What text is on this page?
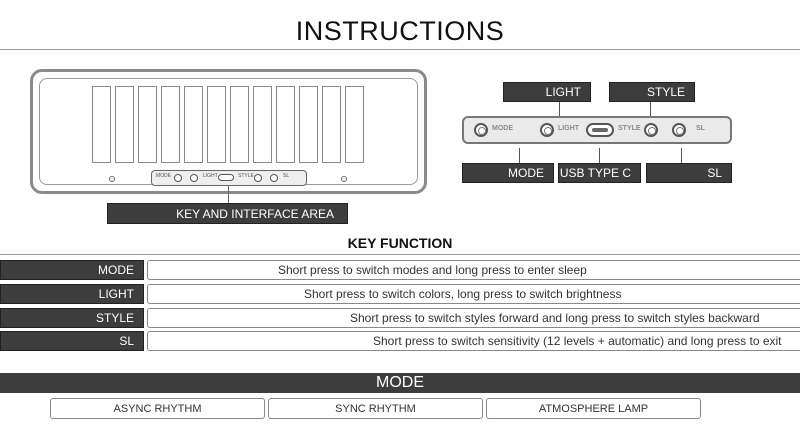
INSTRUCTIONS
MODE	LIGHT	STYLE	SL
KEY AND INTERFACE AREA
LIGHT	STYLE
MODE	LIGHT	STYLE	SL
MODE	USB TYPE C	SL
KEY FUNCTION
MODE	Short press to switch modes and long press to enter sleep
LIGHT	Short press to switch colors, long press to switch brightness
STYLE	Short press to switch styles forward and long press to switch styles backward
SL	Short press to switch sensitivity (12 levels + automatic) and long press to exit
MODE
ASYNC RHYTHM	SYNC RHYTHM	ATMOSPHERE LAMP
